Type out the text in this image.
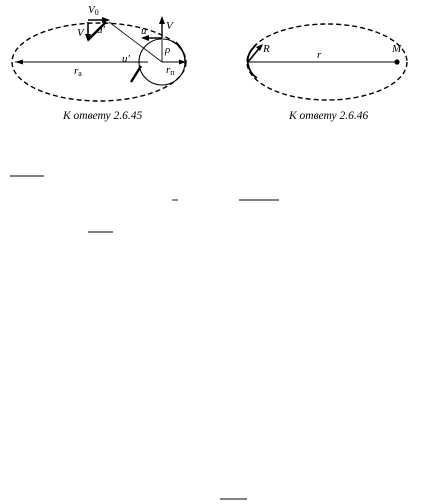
V0
V u′	u V
ρ
u′
ra	rп
К ответу 2.6.45
R	r	M
К ответу 2.6.46
